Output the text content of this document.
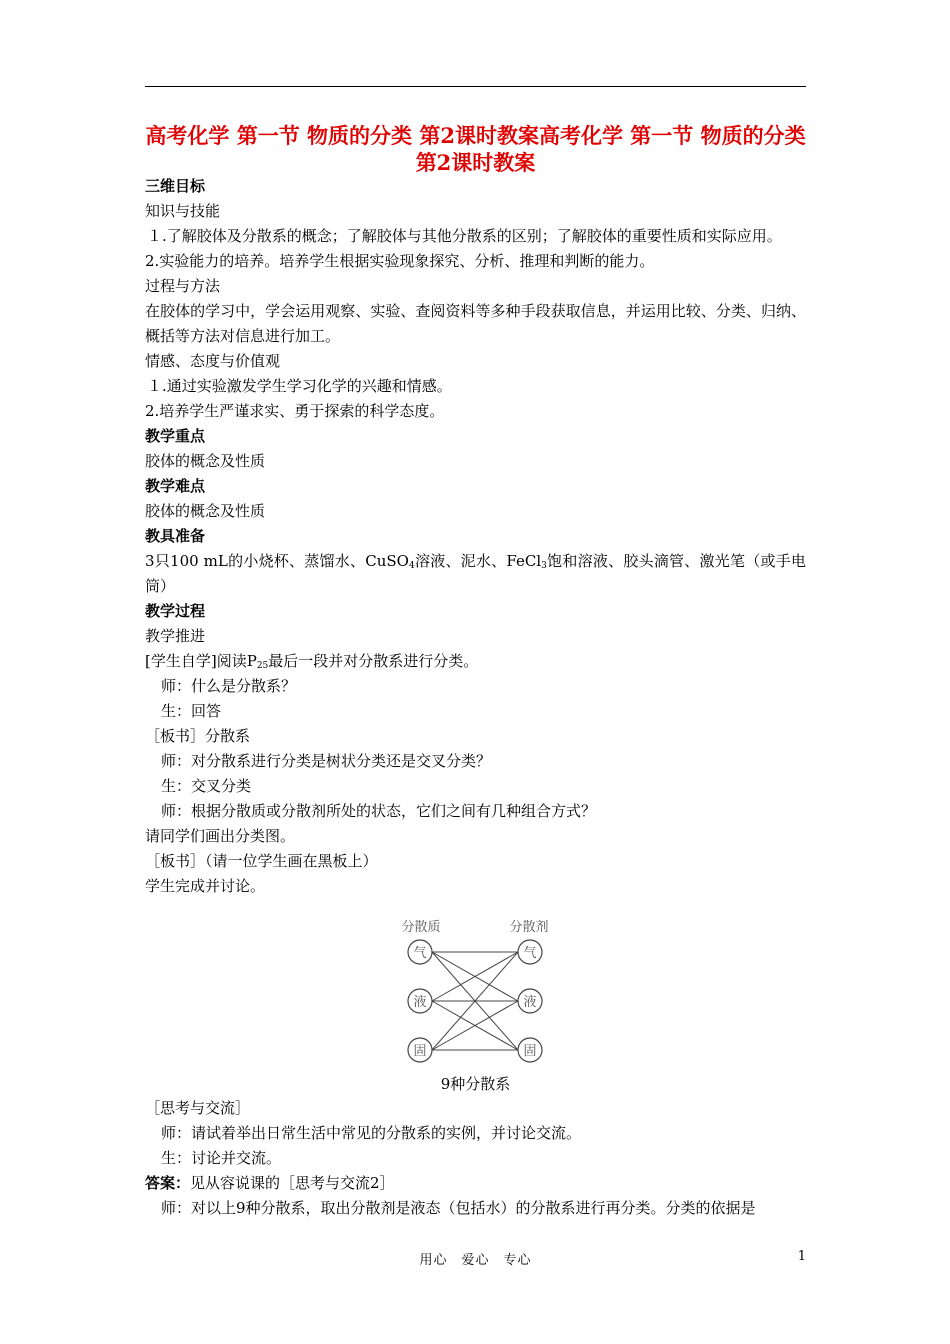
高考化学 第一节 物质的分类 第2课时教案高考化学 第一节 物质的分类 第2课时教案
三维目标
知识与技能
１.了解胶体及分散系的概念；了解胶体与其他分散系的区别；了解胶体的重要性质和实际应用。
2.实验能力的培养。培养学生根据实验现象探究、分析、推理和判断的能力。
过程与方法
在胶体的学习中，学会运用观察、实验、查阅资料等多种手段获取信息，并运用比较、分类、归纳、概括等方法对信息进行加工。
情感、态度与价值观
１.通过实验激发学生学习化学的兴趣和情感。
2.培养学生严谨求实、勇于探索的科学态度。
教学重点
胶体的概念及性质
教学难点
胶体的概念及性质
教具准备
3只100 mL的小烧杯、蒸馏水、CuSO$_4$溶液、泥水、FeCl$_3$饱和溶液、胶头滴管、激光笔（或手电筒）
教学过程
教学推进
[学生自学]阅读$P_{25}$最后一段并对分散系进行分类。
师：什么是分散系？
生：回答
［板书］分散系
师：对分散系进行分类是树状分类还是交叉分类？
生：交叉分类
师：根据分散质或分散剂所处的状态，它们之间有几种组合方式？
请同学们画出分类图。
［板书］（请一位学生画在黑板上）
学生完成并讨论。
分散质	分散剂
气
液
固
气
液
固
9种分散系
［思考与交流］
师：请试着举出日常生活中常见的分散系的实例，并讨论交流。
生：讨论并交流。
答案：见从容说课的［思考与交流2］
师：对以上9种分散系，取出分散剂是液态（包括水）的分散系进行再分类。分类的依据是
用心　爱心　专心	1
